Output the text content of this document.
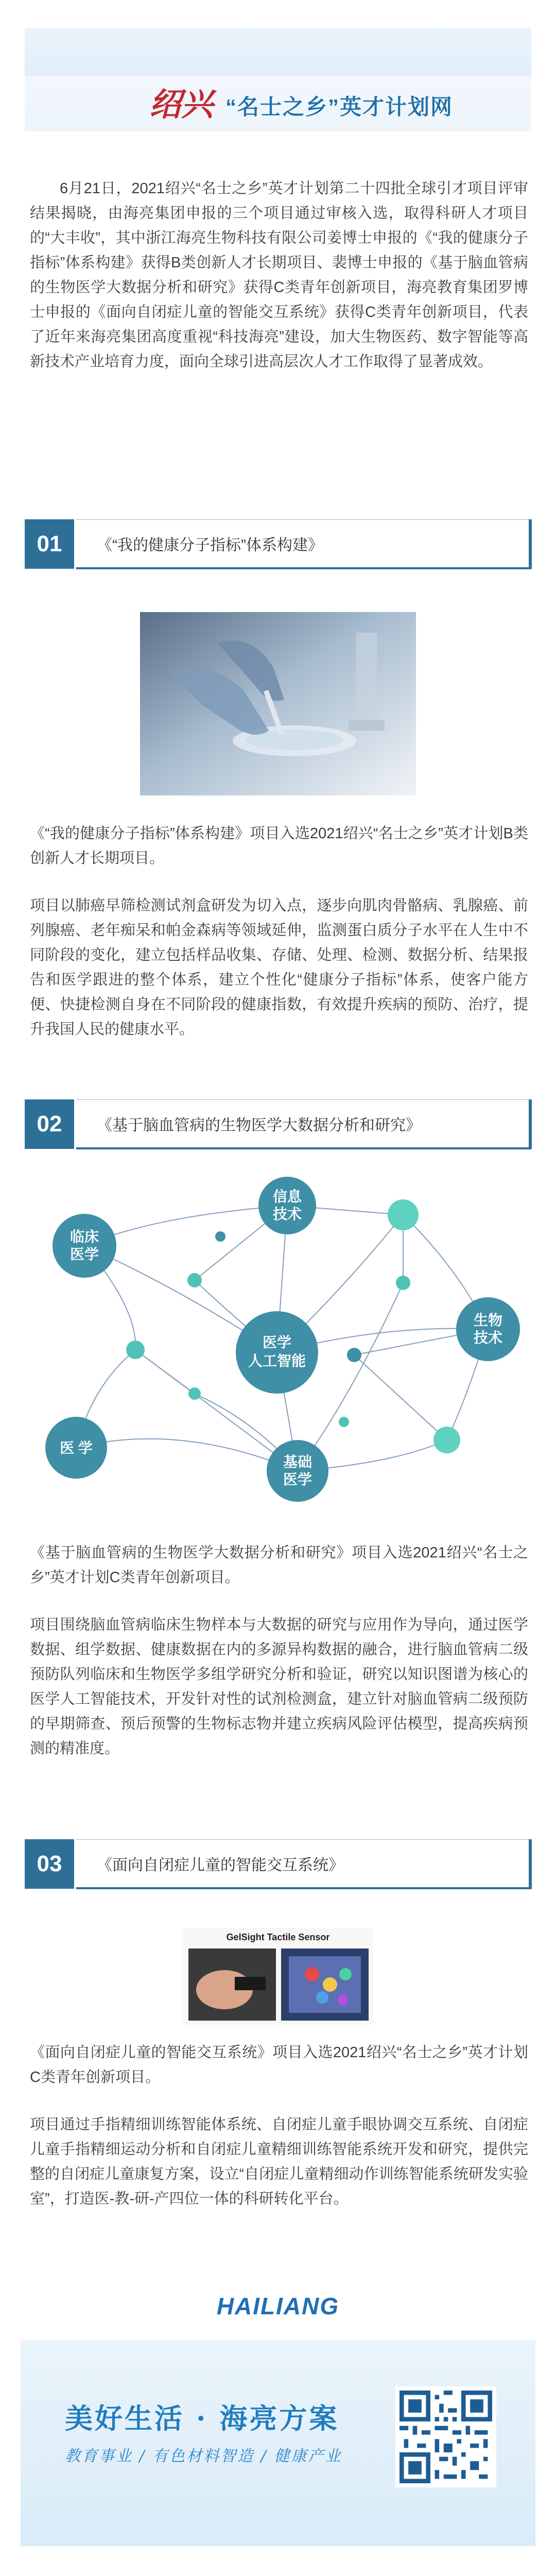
绍兴 “名士之乡”英才计划网
6月21日，2021绍兴“名士之乡”英才计划第二十四批全球引才项目评审结果揭晓，由海亮集团申报的三个项目通过审核入选，取得科研人才项目的“大丰收”，其中浙江海亮生物科技有限公司姜博士申报的《“我的健康分子指标”体系构建》获得B类创新人才长期项目、裴博士申报的《基于脑血管病的生物医学大数据分析和研究》获得C类青年创新项目，海亮教育集团罗博士申报的《面向自闭症儿童的智能交互系统》获得C类青年创新项目，代表了近年来海亮集团高度重视“科技海亮”建设，加大生物医药、数字智能等高新技术产业培育力度，面向全球引进高层次人才工作取得了显著成效。
01	《“我的健康分子指标”体系构建》
《“我的健康分子指标”体系构建》项目入选2021绍兴“名士之乡”英才计划B类创新人才长期项目。
项目以肺癌早筛检测试剂盒研发为切入点，逐步向肌肉骨骼病、乳腺癌、前列腺癌、老年痴呆和帕金森病等领域延伸，监测蛋白质分子水平在人生中不同阶段的变化，建立包括样品收集、存储、处理、检测、数据分析、结果报告和医学跟进的整个体系，建立个性化“健康分子指标”体系，使客户能方便、快捷检测自身在不同阶段的健康指数，有效提升疾病的预防、治疗，提升我国人民的健康水平。
02	《基于脑血管病的生物医学大数据分析和研究》
临床
医学
信息
技术
医学
人工智能
生物
技术
医 学
基础
医学
《基于脑血管病的生物医学大数据分析和研究》项目入选2021绍兴“名士之乡”英才计划C类青年创新项目。
项目围绕脑血管病临床生物样本与大数据的研究与应用作为导向，通过医学数据、组学数据、健康数据在内的多源异构数据的融合，进行脑血管病二级预防队列临床和生物医学多组学研究分析和验证，研究以知识图谱为核心的医学人工智能技术，开发针对性的试剂检测盒，建立针对脑血管病二级预防的早期筛查、预后预警的生物标志物并建立疾病风险评估模型，提高疾病预测的精准度。
03	《面向自闭症儿童的智能交互系统》
GelSight Tactile Sensor
《面向自闭症儿童的智能交互系统》项目入选2021绍兴“名士之乡”英才计划C类青年创新项目。
项目通过手指精细训练智能体系统、自闭症儿童手眼协调交互系统、自闭症儿童手指精细运动分析和自闭症儿童精细训练智能系统开发和研究，提供完整的自闭症儿童康复方案，设立“自闭症儿童精细动作训练智能系统研发实验室”，打造医-教-研-产四位一体的科研转化平台。
HAILIANG
美好生活 · 海亮方案
教育事业 / 有色材料智造 / 健康产业
